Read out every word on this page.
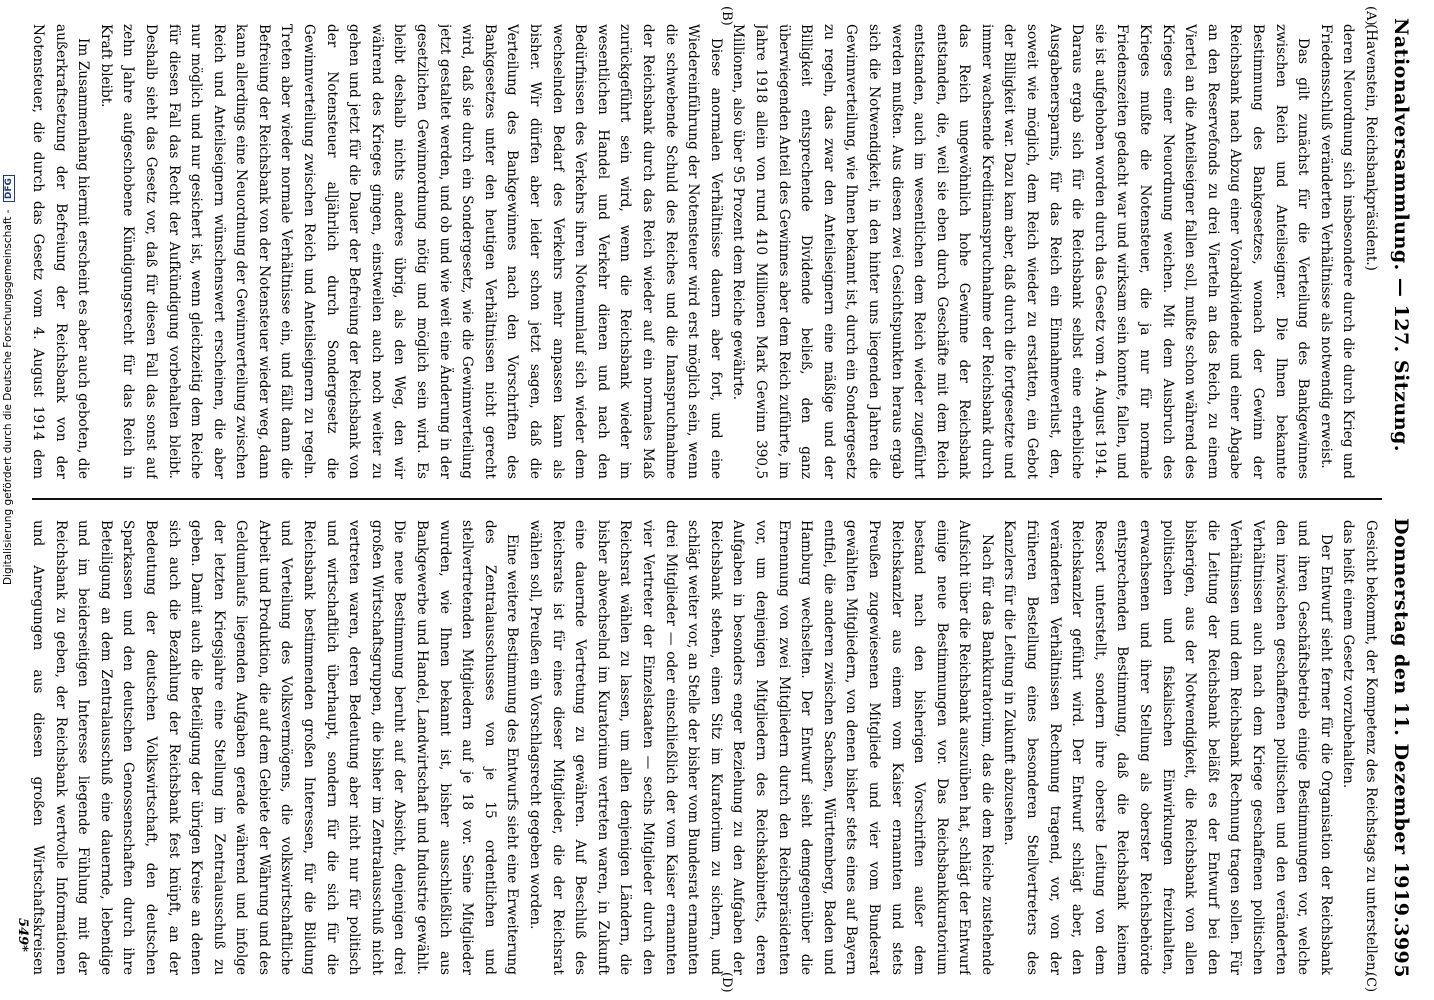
Nationalversammlung. — 127. Sitzung.
Donnerstag den 11. Dezember 1919.
3995
(A)
(B)
(C)
(D)

(Havenstein, Reichsbankpräsident.)

deren Neuordnung sich insbesondere durch die durch Krieg und Friedensschluß veränderten Verhältnisse als notwendig erweist.

Das gilt zunächst für die Verteilung des Bankgewinnes zwischen Reich und Anteilseigner. Die Ihnen bekannte Bestimmung des Bankgesetzes, wonach der Gewinn der Reichsbank nach Abzug einer Vorabdividende und einer Abgabe an den Reservefonds zu drei Vierteln an das Reich, zu einem Viertel an die Anteilseigner fallen soll, mußte schon während des Krieges einer Neuordnung weichen. Mit dem Ausbruch des Krieges mußte die Notensteuer, die ja nur für normale Friedenszeiten gedacht war und wirksam sein konnte, fallen, und sie ist aufgehoben worden durch das Gesetz vom 4. August 1914. Daraus ergab sich für die Reichsbank selbst eine erhebliche Ausgabenersparnis, für das Reich ein Einnahmeverlust, den, soweit wie möglich, dem Reich wieder zu erstatten, ein Gebot der Billigkeit war. Dazu kam aber, daß durch die fortgesetzte und immer wachsende Kreditinanspruchnahme der Reichsbank durch das Reich ungewöhnlich hohe Gewinne der Reichsbank entstanden, die, weil sie eben durch Geschäfte mit dem Reich entstanden, auch im wesentlichen dem Reich wieder zugeführt werden mußten. Aus diesen zwei Gesichtspunkten heraus ergab sich die Notwendigkeit, in den hinter uns liegenden Jahren die Gewinnverteilung, wie Ihnen bekannt ist, durch ein Sondergesetz zu regeln, das zwar den Anteilseignern eine mäßige und der Billigkeit entsprechende Dividende beließ, den ganz überwiegenden Anteil des Gewinnes aber dem Reich zuführte, im Jahre 1918 allein von rund 410 Millionen Mark Gewinn 390,5 Millionen, also über 95 Prozent dem Reiche gewährte.

Diese anormalen Verhältnisse dauern aber fort, und eine Wiedereinführung der Notensteuer wird erst möglich sein, wenn die schwebende Schuld des Reiches und die Inanspruchnahme der Reichsbank durch das Reich wieder auf ein normales Maß zurückgeführt sein wird, wenn die Reichsbank wieder im wesentlichen Handel und Verkehr dienen und nach den Bedürfnissen des Verkehrs ihren Notenumlauf sich wieder dem wechselnden Bedarf des Verkehrs mehr anpassen kann als bisher. Wir dürfen aber leider schon jetzt sagen, daß die Verteilung des Bankgewinnes nach den Vorschriften des Bankgesetzes unter den heutigen Verhältnissen nicht gerecht wird, daß sie durch ein Sondergesetz, wie die Gewinnverteilung jetzt gestaltet werden, und ob und wie weit eine Änderung in der gesetzlichen Gewinnordnung nötig und möglich sein wird. Es bleibt deshalb nichts anderes übrig, als den Weg, den wir während des Krieges gingen, einstweilen auch noch weiter zu gehen und jetzt für die Dauer der Befreiung der Reichsbank von der Notensteuer alljährlich durch Sondergesetz die Gewinnverteilung zwischen Reich und Anteilseignern zu regeln. Treten aber wieder normale Verhältnisse ein, und fällt dann die Befreiung der Reichsbank von der Notensteuer wieder weg, dann kann allerdings eine Neuordnung der Gewinnverteilung zwischen Reich und Anteilseignern wünschenswert erscheinen, die aber nur möglich und nur gesichert ist, wenn gleichzeitig dem Reiche für diesen Fall das Recht der Aufkündigung vorbehalten bleibt. Deshalb sieht das Gesetz vor, daß für diesen Fall das sonst auf zehn Jahre aufgeschobene Kündigungsrecht für das Reich in Kraft bleibt.

Im Zusammenhang hiermit erscheint es aber auch geboten, die außerkraftsetzung der Befreiung der Reichsbank von der Notensteuer, die durch das Gesetz vom 4. August 1914 dem

Gesicht bekommt, der Kompetenz des Reichstags zu unterstellen, das heißt einem Gesetz vorzubehalten.

Der Entwurf sieht ferner für die Organisation der Reichsbank und ihren Geschäftsbetrieb einige Bestimmungen vor, welche den inzwischen geschaffenen politischen und den veränderten Verhältnissen auch nach dem Kriege geschaffenen politischen Verhältnissen und dem Reichsbank Rechnung tragen sollen. Für die Leitung der Reichsbank beläßt es der Entwurf bei den bisherigen, aus der Notwendigkeit, die Reichsbank von allen politischen und fiskalischen Einwirkungen freizuhalten, erwachsenen und ihrer Stellung als oberster Reichsbehörde entsprechenden Bestimmung, daß die Reichsbank keinem Ressort unterstellt, sondern ihre oberste Leitung von dem Reichskanzler geführt wird. Der Entwurf schlägt aber, den veränderten Verhältnissen Rechnung tragend, vor, von der früheren Bestellung eines besonderen Stellvertreters des Kanzlers für die Leitung in Zukunft abzusehen.

Nach für das Bankkuratorium, das die dem Reiche zustehende Aufsicht über die Reichsbank auszuüben hat, schlägt der Entwurf einige neue Bestimmungen vor. Das Reichsbankkuratorium bestand nach den bisherigen Vorschriften außer dem Reichskanzler aus einem vom Kaiser ernannten und stets Preußen zugewiesenen Mitgliede und vier vom Bundesrat gewählten Mitgliedern, von denen bisher stets eines auf Bayern entfiel, die anderen zwischen Sachsen, Württemberg, Baden und Hamburg wechselten. Der Entwurf sieht demgegenüber die Ernennung von zwei Mitgliedern durch den Reichspräsidenten vor, um denjenigen Mitgliedern des Reichskabinetts, deren Aufgaben in besonders enger Beziehung zu den Aufgaben der Reichsbank stehen, einen Sitz im Kuratorium zu sichern, und schlägt weiter vor, an Stelle der bisher vom Bundesrat ernannten drei Mitglieder — oder einschließlich der vom Kaiser ernannten vier Vertreter der Einzelstaaten — sechs Mitglieder durch den Reichsrat wählen zu lassen, um allen denjenigen Ländern, die bisher abwechselnd im Kuratorium vertreten waren, in Zukunft eine dauernde Vertretung zu gewähren. Auf Beschluß des Reichsrats ist für eines dieser Mitglieder, die der Reichsrat wählen soll, Preußen ein Vorschlagsrecht gegeben worden.

Eine weitere Bestimmung des Entwurfs sieht eine Erweiterung des Zentralausschusses von je 15 ordentlichen und stellvertretenden Mitgliedern auf je 18 vor. Seine Mitglieder wurden, wie Ihnen bekannt ist, bisher ausschließlich aus Bankgewerbe und Handel, Landwirtschaft und Industrie gewählt. Die neue Bestimmung beruht auf der Absicht, denjenigen drei großen Wirtschaftsgruppen, die bisher im Zentralausschuß nicht vertreten waren, deren Bedeutung aber nicht nur für politisch und wirtschaftlich überhaupt, sondern für die sich für die Reichsbank bestimmenden großen Interessen, für die Bildung und Verteilung des Volksvermögens, die volkswirtschaftliche Arbeit und Produktion, die auf dem Gebiete der Währung und des Geldumlaufs liegenden Aufgaben gerade während und infolge der letzten Kriegsjahre eine Stellung im Zentralausschuß zu geben. Damit auch die Beteiligung der übrigen Kreise an denen sich auch die Bezahlung der Reichsbank fest knüpft, an der Bedeutung der deutschen Volkswirtschaft, den deutschen Sparkassen und den deutschen Genossenschaften durch ihre Beteiligung an dem Zentralausschuß eine dauernde, lebendige und im beiderseitigen Interesse liegende Fühlung mit der Reichsbank zu geben, der Reichsbank wertvolle Informationen und Anregungen aus diesen großen Wirtschaftskreisen

549*
Digitalisierung gefördert durch die Deutsche Forschungsgemeinschaft - DFG
